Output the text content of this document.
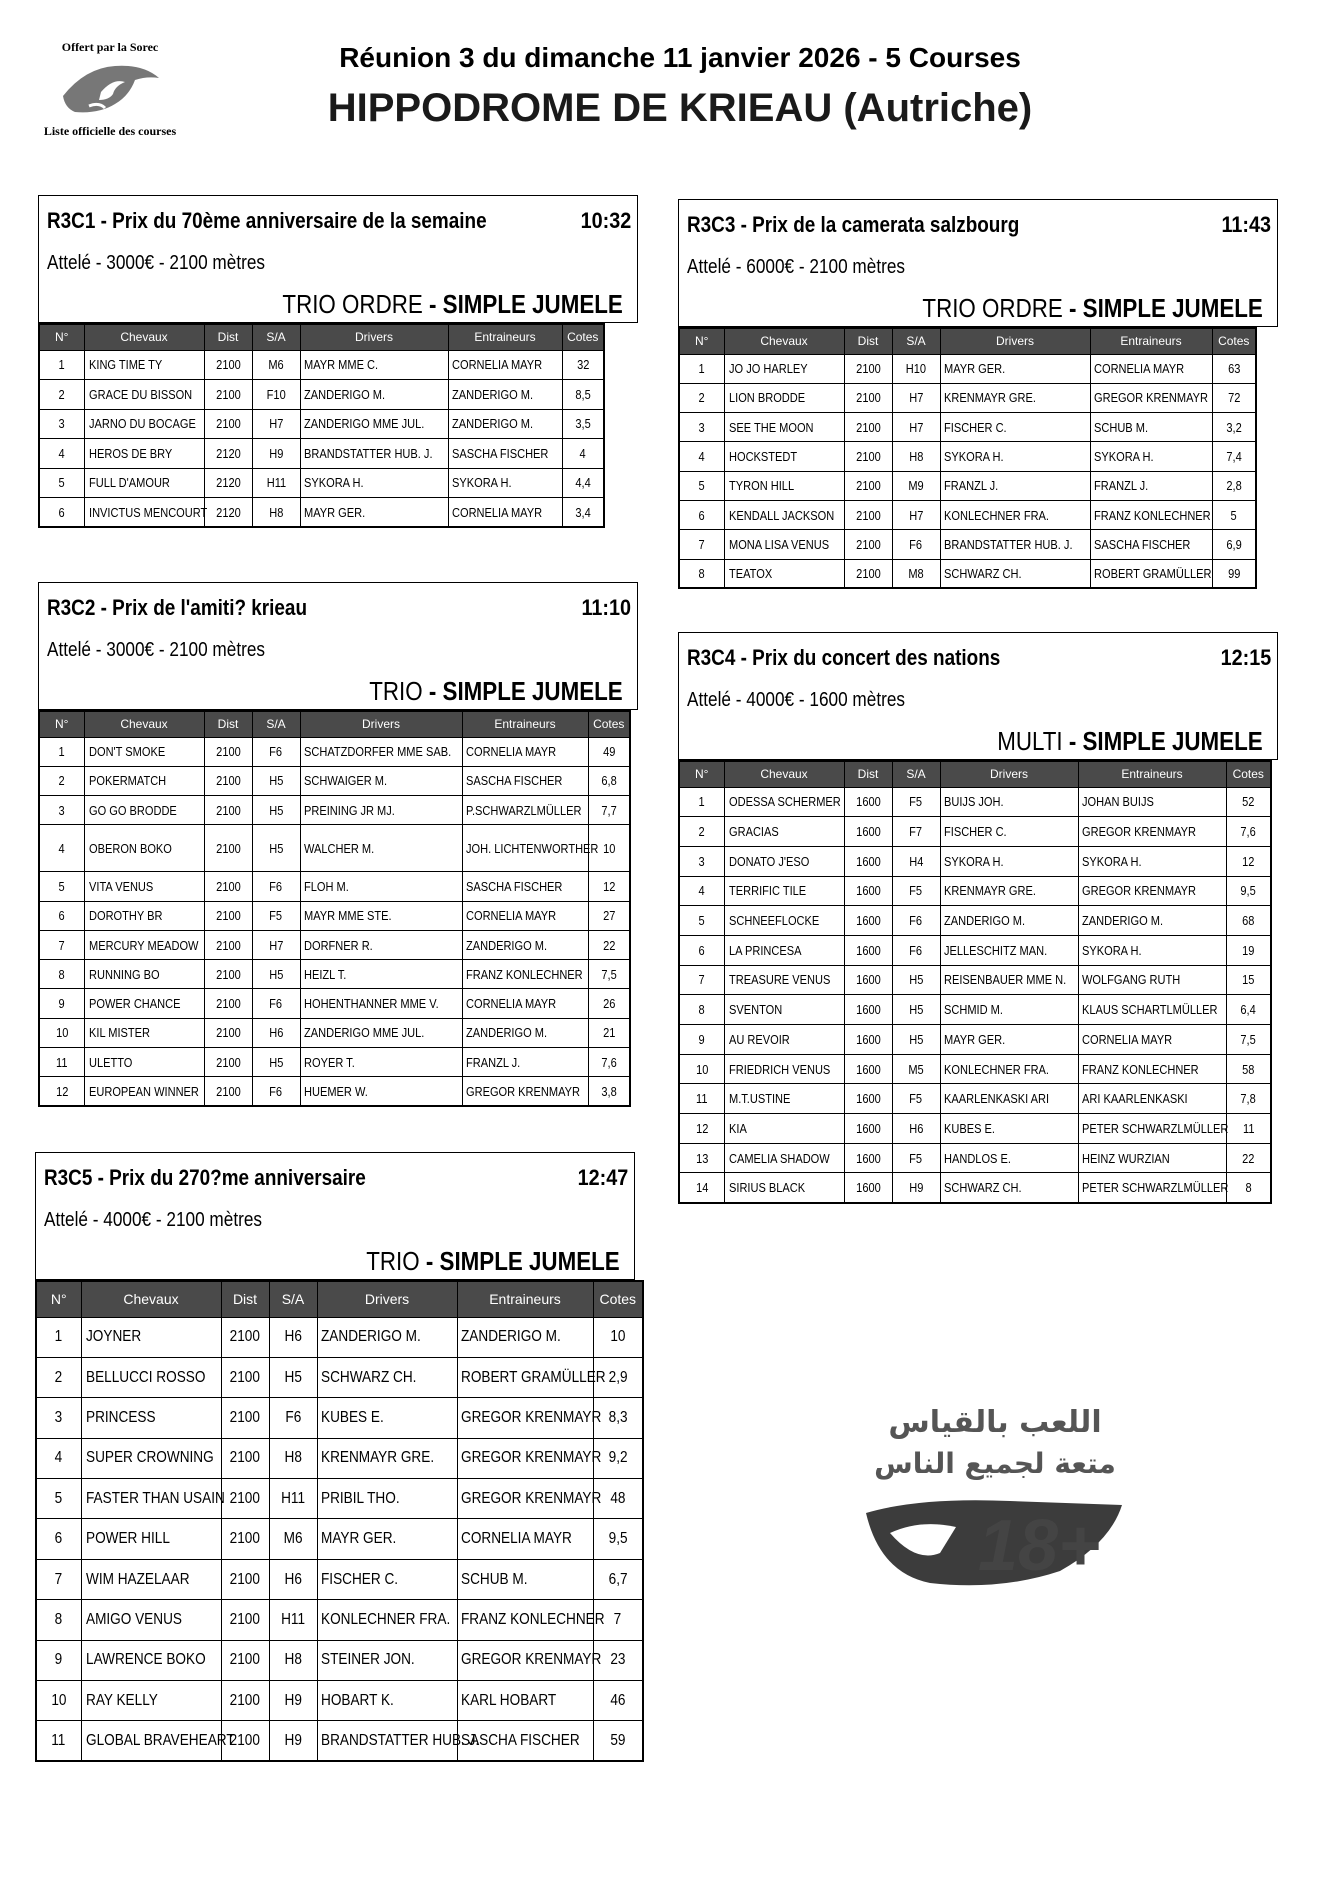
Offert par la Sorec
Liste officielle des courses
Réunion 3 du dimanche 11 janvier 2026 - 5 Courses
HIPPODROME DE KRIEAU (Autriche)
R3C1 - Prix du 70ème anniversaire de la semaine	10:32
Attelé - 3000€ - 2100 mètres
TRIO ORDRE - SIMPLE JUMELE
N°	Chevaux	Dist	S/A	Drivers	Entraineurs	Cotes
1	KING TIME TY	2100	M6	MAYR MME C.	CORNELIA MAYR	32
2	GRACE DU BISSON	2100	F10	ZANDERIGO M.	ZANDERIGO M.	8,5
3	JARNO DU BOCAGE	2100	H7	ZANDERIGO MME JUL.	ZANDERIGO M.	3,5
4	HEROS DE BRY	2120	H9	BRANDSTATTER HUB. J.	SASCHA FISCHER	4
5	FULL D'AMOUR	2120	H11	SYKORA H.	SYKORA H.	4,4
6	INVICTUS MENCOURT	2120	H8	MAYR GER.	CORNELIA MAYR	3,4
R3C2 - Prix de l'amiti? krieau	11:10
Attelé - 3000€ - 2100 mètres
TRIO - SIMPLE JUMELE
N°	Chevaux	Dist	S/A	Drivers	Entraineurs	Cotes
1	DON'T SMOKE	2100	F6	SCHATZDORFER MME SAB.	CORNELIA MAYR	49
2	POKERMATCH	2100	H5	SCHWAIGER M.	SASCHA FISCHER	6,8
3	GO GO BRODDE	2100	H5	PREINING JR MJ.	P.SCHWARZLMÜLLER	7,7
4	OBERON BOKO	2100	H5	WALCHER M.	JOH. LICHTENWORTHER	10
5	VITA VENUS	2100	F6	FLOH M.	SASCHA FISCHER	12
6	DOROTHY BR	2100	F5	MAYR MME STE.	CORNELIA MAYR	27
7	MERCURY MEADOW	2100	H7	DORFNER R.	ZANDERIGO M.	22
8	RUNNING BO	2100	H5	HEIZL T.	FRANZ KONLECHNER	7,5
9	POWER CHANCE	2100	F6	HOHENTHANNER MME V.	CORNELIA MAYR	26
10	KIL MISTER	2100	H6	ZANDERIGO MME JUL.	ZANDERIGO M.	21
11	ULETTO	2100	H5	ROYER T.	FRANZL J.	7,6
12	EUROPEAN WINNER	2100	F6	HUEMER W.	GREGOR KRENMAYR	3,8
R3C3 - Prix de la camerata salzbourg	11:43
Attelé - 6000€ - 2100 mètres
TRIO ORDRE - SIMPLE JUMELE
N°	Chevaux	Dist	S/A	Drivers	Entraineurs	Cotes
1	JO JO HARLEY	2100	H10	MAYR GER.	CORNELIA MAYR	63
2	LION BRODDE	2100	H7	KRENMAYR GRE.	GREGOR KRENMAYR	72
3	SEE THE MOON	2100	H7	FISCHER C.	SCHUB M.	3,2
4	HOCKSTEDT	2100	H8	SYKORA H.	SYKORA H.	7,4
5	TYRON HILL	2100	M9	FRANZL J.	FRANZL J.	2,8
6	KENDALL JACKSON	2100	H7	KONLECHNER FRA.	FRANZ KONLECHNER	5
7	MONA LISA VENUS	2100	F6	BRANDSTATTER HUB. J.	SASCHA FISCHER	6,9
8	TEATOX	2100	M8	SCHWARZ CH.	ROBERT GRAMÜLLER	99
R3C4 - Prix du concert des nations	12:15
Attelé - 4000€ - 1600 mètres
MULTI - SIMPLE JUMELE
N°	Chevaux	Dist	S/A	Drivers	Entraineurs	Cotes
1	ODESSA SCHERMER	1600	F5	BUIJS JOH.	JOHAN BUIJS	52
2	GRACIAS	1600	F7	FISCHER C.	GREGOR KRENMAYR	7,6
3	DONATO J'ESO	1600	H4	SYKORA H.	SYKORA H.	12
4	TERRIFIC TILE	1600	F5	KRENMAYR GRE.	GREGOR KRENMAYR	9,5
5	SCHNEEFLOCKE	1600	F6	ZANDERIGO M.	ZANDERIGO M.	68
6	LA PRINCESA	1600	F6	JELLESCHITZ MAN.	SYKORA H.	19
7	TREASURE VENUS	1600	H5	REISENBAUER MME N.	WOLFGANG RUTH	15
8	SVENTON	1600	H5	SCHMID M.	KLAUS SCHARTLMÜLLER	6,4
9	AU REVOIR	1600	H5	MAYR GER.	CORNELIA MAYR	7,5
10	FRIEDRICH VENUS	1600	M5	KONLECHNER FRA.	FRANZ KONLECHNER	58
11	M.T.USTINE	1600	F5	KAARLENKASKI ARI	ARI KAARLENKASKI	7,8
12	KIA	1600	H6	KUBES E.	PETER SCHWARZLMÜLLER	11
13	CAMELIA SHADOW	1600	F5	HANDLOS E.	HEINZ WURZIAN	22
14	SIRIUS BLACK	1600	H9	SCHWARZ CH.	PETER SCHWARZLMÜLLER	8
R3C5 - Prix du 270?me anniversaire	12:47
Attelé - 4000€ - 2100 mètres
TRIO - SIMPLE JUMELE
N°	Chevaux	Dist	S/A	Drivers	Entraineurs	Cotes
1	JOYNER	2100	H6	ZANDERIGO M.	ZANDERIGO M.	10
2	BELLUCCI ROSSO	2100	H5	SCHWARZ CH.	ROBERT GRAMÜLLER	2,9
3	PRINCESS	2100	F6	KUBES E.	GREGOR KRENMAYR	8,3
4	SUPER CROWNING	2100	H8	KRENMAYR GRE.	GREGOR KRENMAYR	9,2
5	FASTER THAN USAIN	2100	H11	PRIBIL THO.	GREGOR KRENMAYR	48
6	POWER HILL	2100	M6	MAYR GER.	CORNELIA MAYR	9,5
7	WIM HAZELAAR	2100	H6	FISCHER C.	SCHUB M.	6,7
8	AMIGO VENUS	2100	H11	KONLECHNER FRA.	FRANZ KONLECHNER	7
9	LAWRENCE BOKO	2100	H8	STEINER JON.	GREGOR KRENMAYR	23
10	RAY KELLY	2100	H9	HOBART K.	KARL HOBART	46
11	GLOBAL BRAVEHEART	2100	H9	BRANDSTATTER HUB. J.	SASCHA FISCHER	59
اللعب بالقياس
متعة لجميع الناس
18+
